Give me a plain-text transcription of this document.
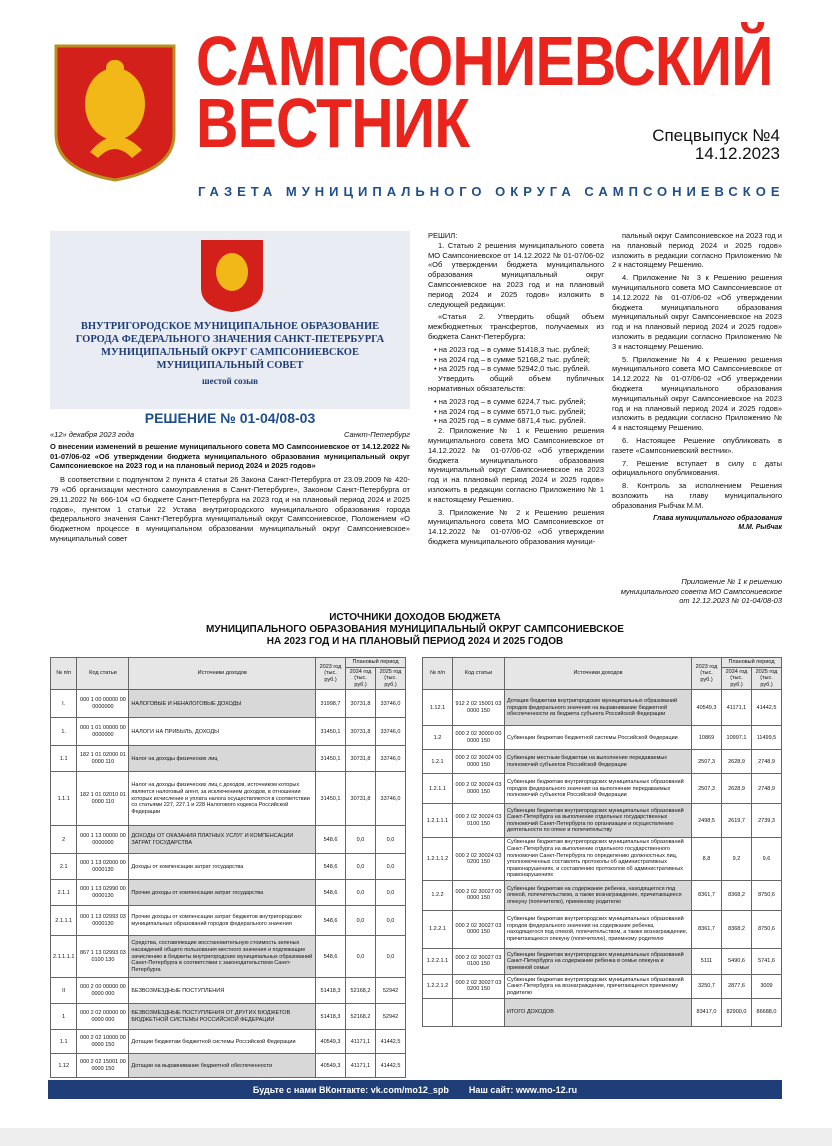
САМПСОНИЕВСКИЙ
ВЕСТНИК	Спецвыпуск №4
14.12.2023
ГАЗЕТА МУНИЦИПАЛЬНОГО ОКРУГА САМПСОНИЕВСКОЕ
ВНУТРИГОРОДСКОЕ МУНИЦИПАЛЬНОЕ ОБРАЗОВАНИЕ ГОРОДА ФЕДЕРАЛЬНОГО ЗНАЧЕНИЯ САНКТ-ПЕТЕРБУРГА МУНИЦИПАЛЬНЫЙ ОКРУГ САМПСОНИЕВСКОЕ МУНИЦИПАЛЬНЫЙ СОВЕТ
шестой созыв
РЕШЕНИЕ № 01-04/08-03
«12» декабря 2023 года	Санкт-Петербург
О внесении изменений в решение муниципального совета МО Сампсониевское от 14.12.2022 № 01-07/06-02 «Об утверждении бюджета муниципального образования муниципальный округ Сампсониевское на 2023 год и на плановый период 2024 и 2025 годов»
В соответствии с подпунктом 2 пункта 4 статьи 26 Закона Санкт-Петербурга от 23.09.2009 № 420-79 «Об организации местного самоуправления в Санкт-Петербурге», Законом Санкт-Петербурга от 29.11.2022 № 666-104 «О бюджете Санкт-Петербурга на 2023 год и на плановый период 2024 и 2025 годов», пунктом 1 статьи 22 Устава внутригородского муниципального образования города федерального значения Санкт-Петербурга муниципальный округ Сампсониевское, Положением «О бюджетном процессе в муниципальном образовании муниципальный округ Сампсониевское» муниципальный совет
РЕШИЛ:
1. Статью 2 решения муниципального совета МО Сампсониевское от 14.12.2022 № 01-07/06-02 «Об утверждении бюджета муниципального образования муниципальный округ Сампсониевское на 2023 год и на плановый период 2024 и 2025 годов» изложить в следующей редакции:
«Статья 2. Утвердить общий объем межбюджетных трансфертов, получаемых из бюджета Санкт-Петербурга:
• на 2023 год – в сумме 51418,3 тыс. рублей;
• на 2024 год – в сумме 52168,2 тыс. рублей;
• на 2025 год – в сумме 52942,0 тыс. рублей.
Утвердить общий объем публичных нормативных обязательств:
• на 2023 год – в сумме 6224,7 тыс. рублей;
• на 2024 год – в сумме 6571,0 тыс. рублей;
• на 2025 год – в сумме 6871,4 тыс. рублей.
2. Приложение № 1 к Решению решения муниципального совета МО Сампсониевское от 14.12.2022 № 01-07/06-02 «Об утверждении бюджета муниципального образования муниципальный округ Сампсониевское на 2023 год и на плановый период 2024 и 2025 годов» изложить в редакции согласно Приложению № 1 к настоящему Решению.
3. Приложение № 2 к Решению решения муниципального совета МО Сампсониевское от 14.12.2022 № 01-07/06-02 «Об утверждении бюджета муниципального образования муници-
пальный округ Сампсониевское на 2023 год и на плановый период 2024 и 2025 годов» изложить в редакции согласно Приложению № 2 к настоящему Решению.
4. Приложение № 3 к Решению решения муниципального совета МО Сампсониевское от 14.12.2022 № 01-07/06-02 «Об утверждении бюджета муниципального образования муниципальный округ Сампсониевское на 2023 год и на плановый период 2024 и 2025 годов» изложить в редакции согласно Приложению № 3 к настоящему Решению.
5. Приложение № 4 к Решению решения муниципального совета МО Сампсониевское от 14.12.2022 № 01-07/06-02 «Об утверждении бюджета муниципального образования муниципальный округ Сампсониевское на 2023 год и на плановый период 2024 и 2025 годов» изложить в редакции согласно Приложению № 4 к настоящему Решению.
6. Настоящее Решение опубликовать в газете «Сампсониевский вестник».
7. Решение вступает в силу с даты официального опубликования.
8. Контроль за исполнением Решения возложить на главу муниципального образования Рыбчак М.М.
Глава муниципального образования
М.М. Рыбчак
Приложение № 1 к решению
муниципального совета МО Сампсониевское
от 12.12.2023 № 01-04/08-03
ИСТОЧНИКИ ДОХОДОВ БЮДЖЕТА
МУНИЦИПАЛЬНОГО ОБРАЗОВАНИЯ МУНИЦИПАЛЬНЫЙ ОКРУГ САМПСОНИЕВСКОЕ
НА 2023 ГОД И НА ПЛАНОВЫЙ ПЕРИОД 2024 И 2025 ГОДОВ
№ п/п	Код статьи	Источники доходов	2023 год (тыс. руб.)	Плановый период	
				2024 год (тыс. руб.)	2025 год (тыс. руб.)
I.	000 1 00 00000 00 0000000	НАЛОГОВЫЕ И НЕНАЛОГОВЫЕ ДОХОДЫ	31998,7	30731,8	33746,0
1.	000 1 01 00000 00 0000000	НАЛОГИ НА ПРИБЫЛЬ, ДОХОДЫ	31450,1	30731,8	33746,0
1.1	182 1 01 02000 01 0000 110	Налог на доходы физических лиц	31450,1	30731,8	33746,0
1.1.1	182 1 01 02010 01 0000 110	Налог на доходы физических лиц с доходов, источником которых является налоговый агент, за исключением доходов, в отношении которых исчисление и уплата налога осуществляются в соответствии со статьями 227, 227.1 и 228 Налогового кодекса Российской Федерации	31450,1	30731,8	33746,0
2	000 1 13 00000 00 0000000	ДОХОДЫ ОТ ОКАЗАНИЯ ПЛАТНЫХ УСЛУГ И КОМПЕНСАЦИИ ЗАТРАТ ГОСУДАРСТВА	548,6	0,0	0,0
2.1	000 1 13 02000 00 0000130	Доходы от компенсации затрат государства	548,6	0,0	0,0
2.1.1	000 1 13 02990 00 0000130	Прочие доходы от компенсации затрат государства	548,6	0,0	0,0
2.1.1.1	000 1 13 02993 03 0000130	Прочие доходы от компенсации затрат бюджетов внутригородских муниципальных образований городов федерального значения	548,6	0,0	0,0
2.1.1.1.1	867 1 13 02993 03 0100 130	Средства, составляющие восстановительную стоимость зеленых насаждений общего пользования местного значения и подлежащие зачислению в бюджеты внутригородских муниципальных образований Санкт-Петербурга в соответствии с законодательством Санкт-Петербурга	548,6	0,0	0,0
II	000 2 00 00000 00 0000 000	БЕЗВОЗМЕЗДНЫЕ ПОСТУПЛЕНИЯ	51418,3	52168,2	52942
1	000 2 02 00000 00 0000 000	БЕЗВОЗМЕЗДНЫЕ ПОСТУПЛЕНИЯ ОТ ДРУГИХ БЮДЖЕТОВ БЮДЖЕТНОЙ СИСТЕМЫ РОССИЙСКОЙ ФЕДЕРАЦИИ	51418,3	52168,2	52942
1.1	000 2 02 10000 00 0000 150	Дотации бюджетам бюджетной системы Российской Федерации	40549,3	41171,1	41442,5
1.12	000 2 02 15001 00 0000 150	Дотации на выравнивание бюджетной обеспеченности	40549,3	41171,1	41442,5
№ п/п	Код статьи	Источники доходов	2023 год (тыс. руб.)	Плановый период	
				2024 год (тыс. руб.)	2025 год (тыс. руб.)
1.12.1	912 2 02 15001 03 0000 150	Дотации бюджетам внутригородских муниципальных образований городов федерального значения на выравнивание бюджетной обеспеченности из бюджета субъекта Российской Федерации	40549,3	41171,1	41442,5
1.2	000 2 02 30000 00 0000 150	Субвенции бюджетам бюджетной системы Российской Федерации	10869	10997,1	11499,5
1.2.1	000 2 02 30024 00 0000 150	Субвенции местным бюджетам на выполнение передаваемых полномочий субъектов Российской Федерации	2507,3	2628,9	2748,9
1.2.1.1	000 2 02 30024 03 0000 150	Субвенции бюджетам внутригородских муниципальных образований городов федерального значения на выполнение передаваемых полномочий субъектов Российской Федерации	2507,3	2628,9	2748,9
1.2.1.1.1	000 2 02 30024 03 0100 150	Субвенции бюджетам внутригородских муниципальных образований Санкт-Петербурга на выполнение отдельных государственных полномочий Санкт-Петербурга по организации и осуществлению деятельности по опеке и попечительству	2498,5	2619,7	2739,3
1.2.1.1.2	000 2 02 30024 03 0200 150	Субвенции бюджетам внутригородских муниципальных образований Санкт-Петербурга на выполнение отдельного государственного полномочия Санкт-Петербурга по определению должностных лиц, уполномоченных составлять протоколы об административных правонарушениях, и составлению протоколов об административных правонарушениях	8,8	9,2	9,6
1.2.2	000 2 02 30027 00 0000 150	Субвенции бюджетам на содержание ребенка, находящегося под опекой, попечительством, а также вознаграждение, причитающееся опекуну (попечителю), приемному родителю	8361,7	8368,2	8750,6
1.2.2.1	000 2 02 30027 03 0000 150	Субвенции бюджетам внутригородских муниципальных образований городов федерального значения на содержание ребенка, находящегося под опекой, попечительством, а также вознаграждение, причитающееся опекуну (попечителю), приемному родителю	8361,7	8368,2	8750,6
1.2.2.1.1	000 2 02 30027 03 0100 150	Субвенции бюджетам внутригородских муниципальных образований Санкт-Петербурга на содержание ребенка в семье опекуна и приемной семье	5111	5490,6	5741,6
1.2.2.1.2	000 2 02 30027 03 0200 150	Субвенции бюджетам внутригородских муниципальных образований Санкт-Петербурга на вознаграждение, причитающееся приемному родителю	3250,7	2877,6	3009
		ИТОГО ДОХОДОВ	83417,0	82900,0	86688,0
Будьте с нами ВКонтакте: vk.com/mo12_spb Наш сайт: www.mo-12.ru
